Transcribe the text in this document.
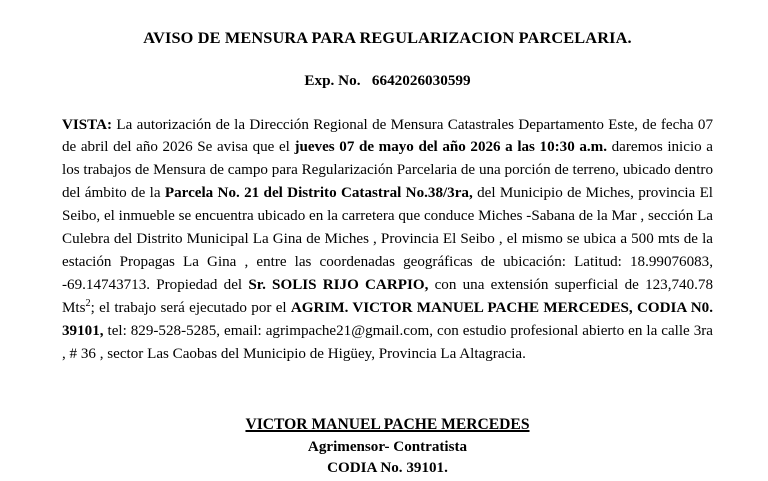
AVISO DE MENSURA PARA REGULARIZACION PARCELARIA.
Exp. No.   6642026030599
VISTA: La autorización de la Dirección Regional de Mensura Catastrales Departamento Este, de fecha 07 de abril del año 2026 Se avisa que el jueves 07 de mayo del año 2026 a las 10:30 a.m. daremos inicio a los trabajos de Mensura de campo para Regularización Parcelaria de una porción de terreno, ubicado dentro del ámbito de la Parcela No. 21 del Distrito Catastral No.38/3ra, del Municipio de Miches, provincia El Seibo, el inmueble se encuentra ubicado en la carretera que conduce Miches -Sabana de la Mar , sección La Culebra del Distrito Municipal La Gina de Miches , Provincia El Seibo , el mismo se ubica a 500 mts de la estación Propagas La Gina , entre las coordenadas geográficas de ubicación: Latitud: 18.99076083, -69.14743713. Propiedad del Sr. SOLIS RIJO CARPIO, con una extensión superficial de 123,740.78 Mts$^2$; el trabajo será ejecutado por el AGRIM. VICTOR MANUEL PACHE MERCEDES, CODIA N0. 39101, tel: 829-528-5285, email: agrimpache21@gmail.com, con estudio profesional abierto en la calle 3ra , # 36 , sector Las Caobas del Municipio de Higüey, Provincia La Altagracia.
VICTOR MANUEL PACHE MERCEDES
Agrimensor- Contratista
CODIA No. 39101.
